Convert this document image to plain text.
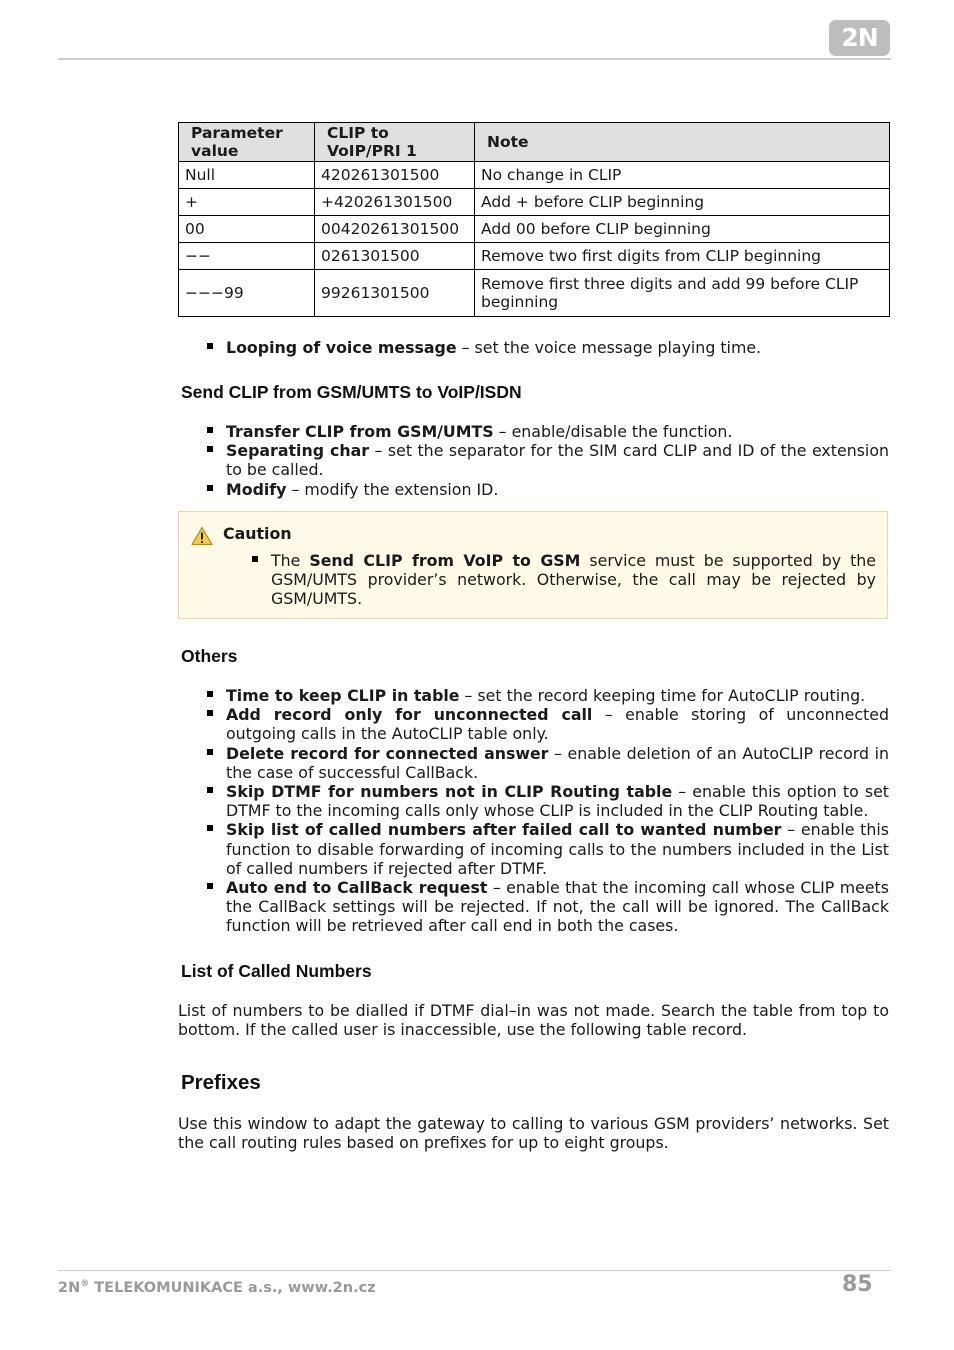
2N
Parameter value	CLIP to VoIP/PRI 1	Note
Null	420261301500	No change in CLIP
+	+420261301500	Add + before CLIP beginning
00	00420261301500	Add 00 before CLIP beginning
−−	0261301500	Remove two first digits from CLIP beginning
−−−99	99261301500	Remove first three digits and add 99 before CLIP beginning
Looping of voice message – set the voice message playing time.
Send CLIP from GSM/UMTS to VoIP/ISDN
Transfer CLIP from GSM/UMTS – enable/disable the function.
Separating char – set the separator for the SIM card CLIP and ID of the extension to be called.
Modify – modify the extension ID.
Caution
The Send CLIP from VoIP to GSM service must be supported by the GSM/UMTS provider’s network. Otherwise, the call may be rejected by GSM/UMTS.
Others
Time to keep CLIP in table – set the record keeping time for AutoCLIP routing.
Add record only for unconnected call – enable storing of unconnected outgoing calls in the AutoCLIP table only.
Delete record for connected answer – enable deletion of an AutoCLIP record in the case of successful CallBack.
Skip DTMF for numbers not in CLIP Routing table – enable this option to set DTMF to the incoming calls only whose CLIP is included in the CLIP Routing table.
Skip list of called numbers after failed call to wanted number – enable this function to disable forwarding of incoming calls to the numbers included in the List of called numbers if rejected after DTMF.
Auto end to CallBack request – enable that the incoming call whose CLIP meets the CallBack settings will be rejected. If not, the call will be ignored. The CallBack function will be retrieved after call end in both the cases.
List of Called Numbers
List of numbers to be dialled if DTMF dial–in was not made. Search the table from top to bottom. If the called user is inaccessible, use the following table record.
Prefixes
Use this window to adapt the gateway to calling to various GSM providers’ networks. Set the call routing rules based on prefixes for up to eight groups.
2N® TELEKOMUNIKACE a.s., www.2n.cz	85
